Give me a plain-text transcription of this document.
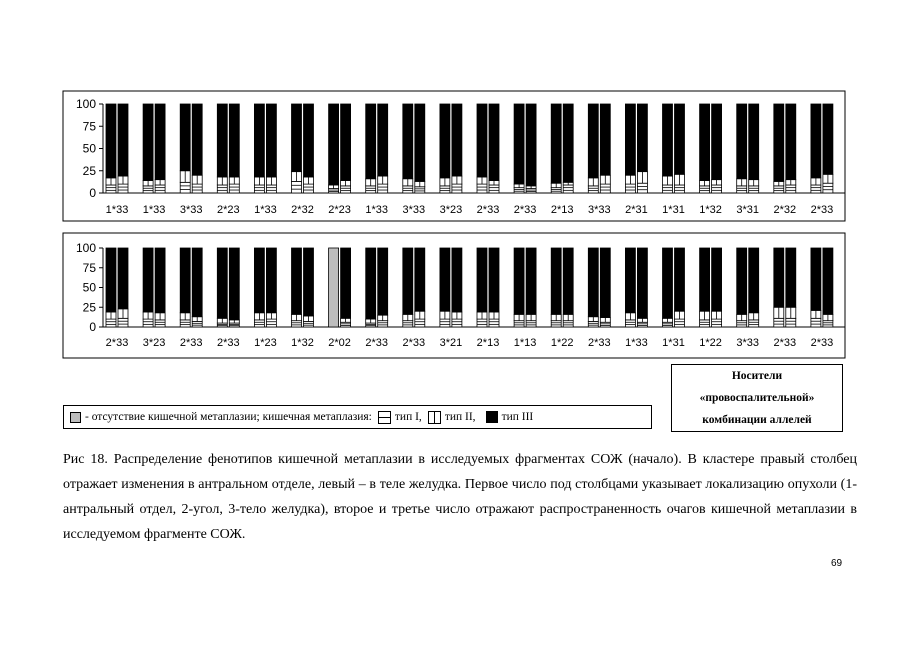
0
25
50
75
100
1*33 1*33 3*33 2*23 1*33 2*32 2*23 1*33 3*33 3*23 2*33 2*33 2*13 3*33 2*31 1*31 1*32 3*31 2*32 2*33
0
25
50
75
100
2*33 3*23 2*33 2*33 1*23 1*32 2*02 2*33 2*33 3*21 2*13 1*13 1*22 2*33 1*33 1*31 1*22 3*33 2*33 2*33
- отсутствие кишечной метаплазии; кишечная метаплазия: тип I, тип II, тип III
Носители
«провоспалительной»
комбинации аллелей
Рис 18. Распределение фенотипов кишечной метаплазии в исследуемых фрагментах СОЖ (начало). В кластере правый столбец отражает изменения в антральном отделе, левый – в теле желудка. Первое число под столбцами указывает локализацию опухоли (1-антральный отдел, 2-угол, 3-тело желудка), второе и третье число отражают распространенность очагов кишечной метаплазии в исследуемом фрагменте СОЖ.
69
